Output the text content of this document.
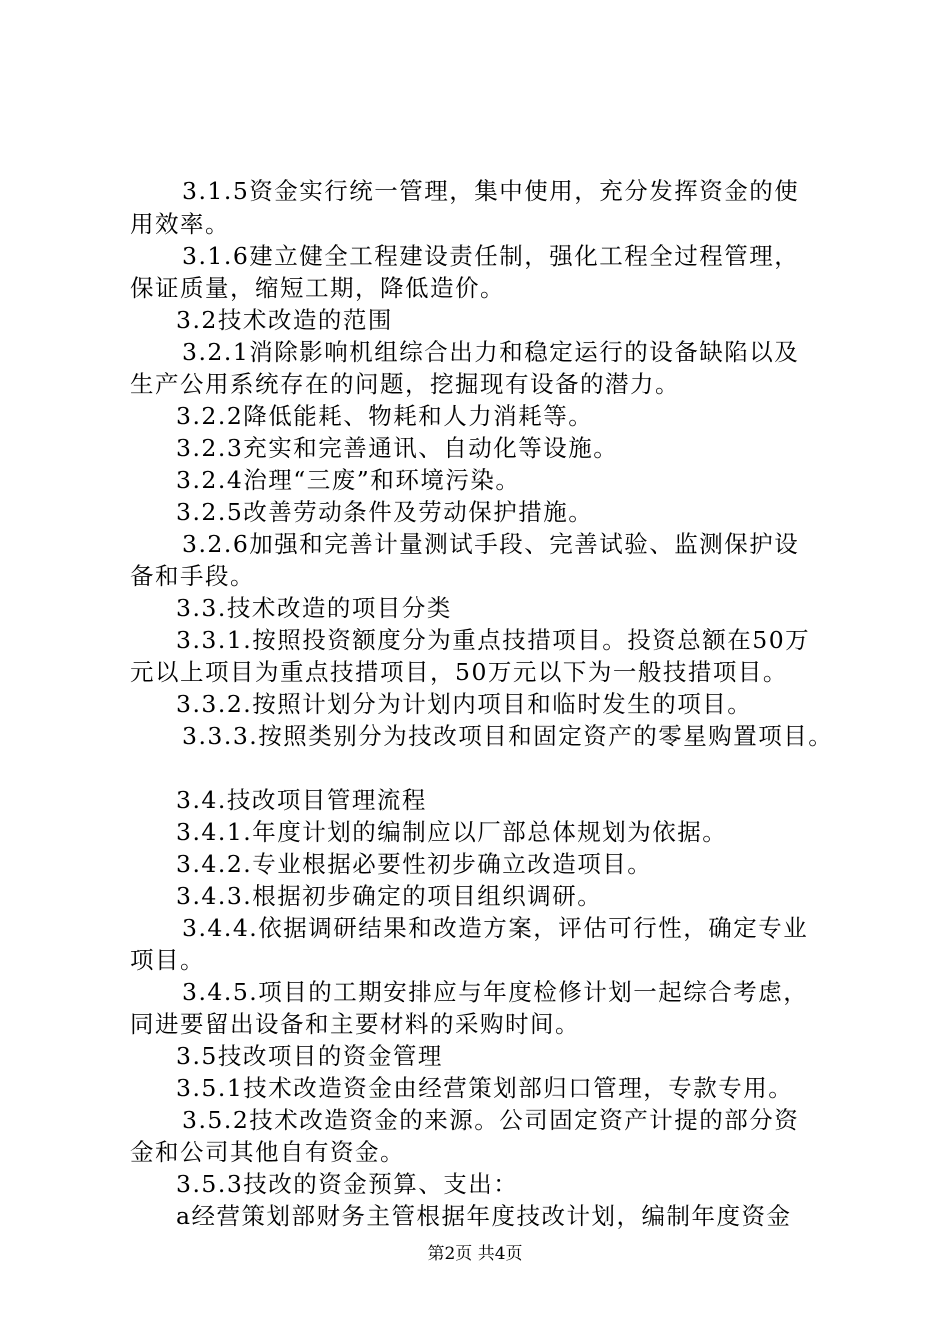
3.1.5资金实行统一管理，集中使用，充分发挥资金的使
用效率。
3.1.6建立健全工程建设责任制，强化工程全过程管理，
保证质量，缩短工期，降低造价。
3.2技术改造的范围
3.2.1消除影响机组综合出力和稳定运行的设备缺陷以及
生产公用系统存在的问题，挖掘现有设备的潜力。
3.2.2降低能耗、物耗和人力消耗等。
3.2.3充实和完善通讯、自动化等设施。
3.2.4治理“三废”和环境污染。
3.2.5改善劳动条件及劳动保护措施。
3.2.6加强和完善计量测试手段、完善试验、监测保护设
备和手段。
3.3.技术改造的项目分类
3.3.1.按照投资额度分为重点技措项目。投资总额在50万
元以上项目为重点技措项目，50万元以下为一般技措项目。
3.3.2.按照计划分为计划内项目和临时发生的项目。
3.3.3.按照类别分为技改项目和固定资产的零星购置项目。
3.4.技改项目管理流程
3.4.1.年度计划的编制应以厂部总体规划为依据。
3.4.2.专业根据必要性初步确立改造项目。
3.4.3.根据初步确定的项目组织调研。
3.4.4.依据调研结果和改造方案，评估可行性，确定专业
项目。
3.4.5.项目的工期安排应与年度检修计划一起综合考虑，
同进要留出设备和主要材料的采购时间。
3.5技改项目的资金管理
3.5.1技术改造资金由经营策划部归口管理，专款专用。
3.5.2技术改造资金的来源。公司固定资产计提的部分资
金和公司其他自有资金。
3.5.3技改的资金预算、支出：
a经营策划部财务主管根据年度技改计划，编制年度资金
第2页 共4页
